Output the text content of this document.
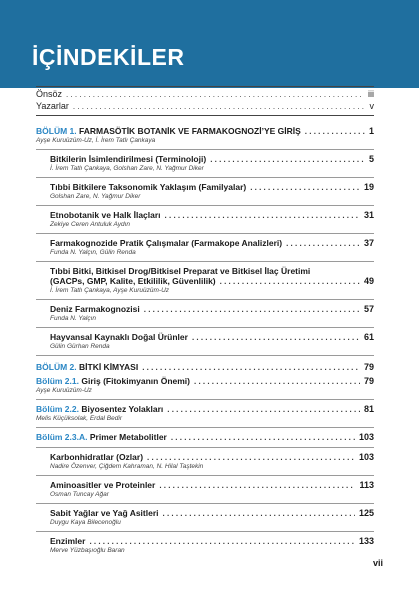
İÇİNDEKİLER
Önsöz . . .	iii
Yazarlar . . .	v
BÖLÜM 1. FARMASÖTİK BOTANİK VE FARMAKOGNOZİ’YE GİRİŞ . . .	1
Ayşe Kuruüzüm-Uz, İ. İrem Tatlı Çankaya
Bitkilerin İsimlendirilmesi (Terminoloji) . . .	5
İ. İrem Tatlı Çankaya, Golshan Zare, N. Yağmur Diker
Tıbbi Bitkilere Taksonomik Yaklaşım (Familyalar) . . .	19
Golshan Zare, N. Yağmur Diker
Etnobotanik ve Halk İlaçları . . .	31
Zekiye Ceren Antuluk Aydın
Farmakognozide Pratik Çalışmalar (Farmakope Analizleri) . . .	37
Funda N. Yalçın, Gülin Renda
Tıbbi Bitki, Bitkisel Drog/Bitkisel Preparat ve Bitkisel İlaç Üretimi
(GACPs, GMP, Kalite, Etkililik, Güvenlilik) . . .	49
İ. İrem Tatlı Çankaya, Ayşe Kuruüzüm-Uz
Deniz Farmakognozisi . . .	57
Funda N. Yalçın
Hayvansal Kaynaklı Doğal Ürünler . . .	61
Gülin Gürhan Renda
BÖLÜM 2. BİTKİ KİMYASI . . .	79
Bölüm 2.1. Giriş (Fitokimyanın Önemi) . . .	79
Ayşe Kuruüzüm-Uz
Bölüm 2.2. Biyosentez Yolakları . . .	81
Melis Küçüksolak, Erdal Bedir
Bölüm 2.3.A. Primer Metabolitler . . .	103
Karbonhidratlar (Ozlar) . . .	103
Nadire Özenver, Çiğdem Kahraman, N. Hilal Taştekin
Aminoasitler ve Proteinler . . .	113
Osman Tuncay Ağar
Sabit Yağlar ve Yağ Asitleri . . .	125
Duygu Kaya Bilecenoğlu
Enzimler . . .	133
Merve Yüzbaşıoğlu Baran
vii
